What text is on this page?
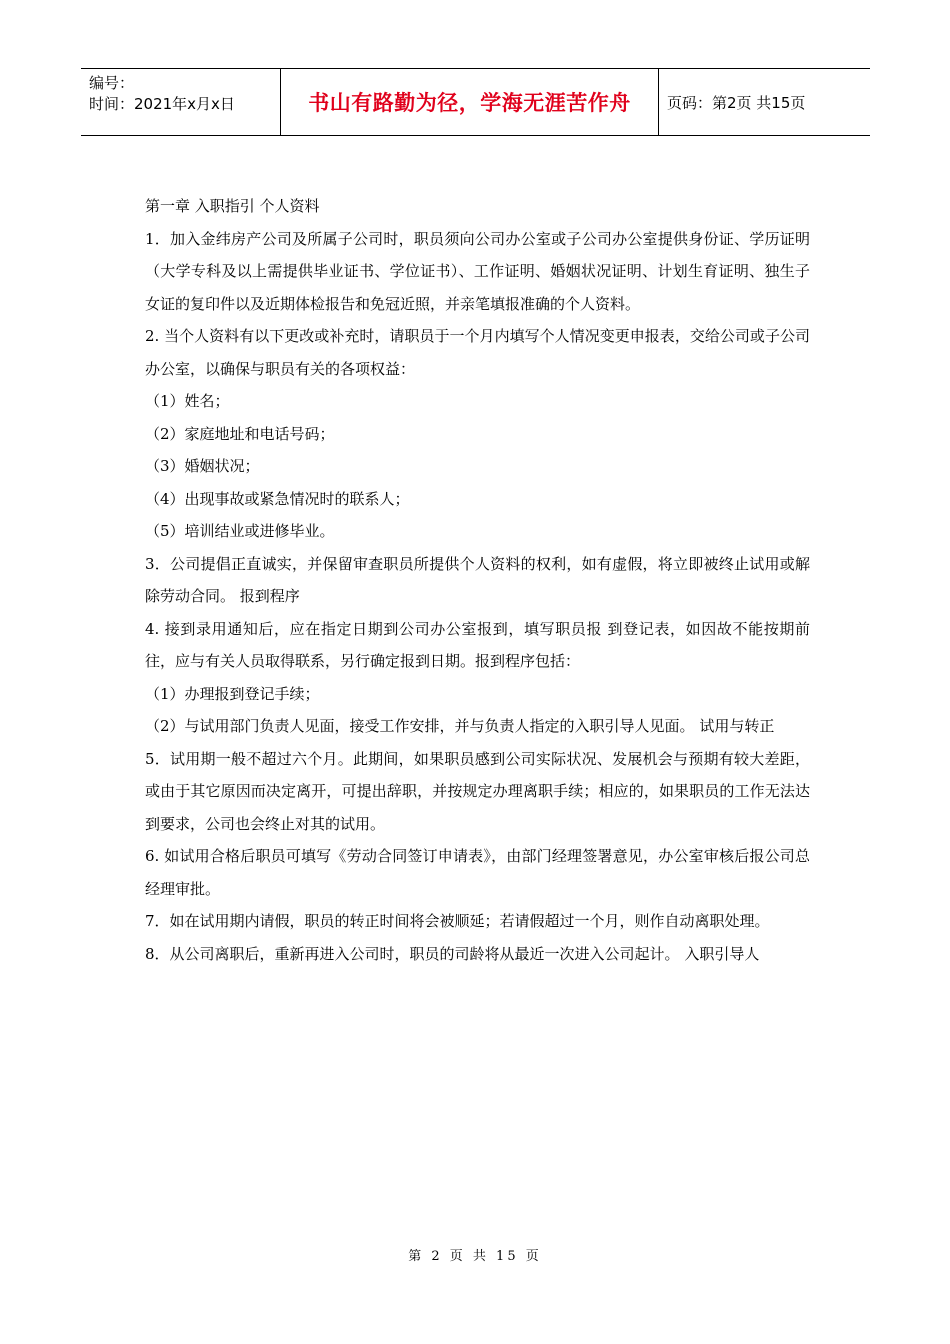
编号：
时间：2021年x月x日	书山有路勤为径，学海无涯苦作舟	页码：第2页 共15页

第一章 入职指引 个人资料

1．加入金纬房产公司及所属子公司时，职员须向公司办公室或子公司办公室提供身份证、学历证明（大学专科及以上需提供毕业证书、学位证书）、工作证明、婚姻状况证明、计划生育证明、独生子女证的复印件以及近期体检报告和免冠近照，并亲笔填报准确的个人资料。

2. 当个人资料有以下更改或补充时，请职员于一个月内填写个人情况变更申报表，交给公司或子公司办公室，以确保与职员有关的各项权益：

（1）姓名；

（2）家庭地址和电话号码；

（3）婚姻状况；

（4）出现事故或紧急情况时的联系人；

（5）培训结业或进修毕业。

3．公司提倡正直诚实，并保留审查职员所提供个人资料的权利，如有虚假，将立即被终止试用或解除劳动合同。 报到程序

4. 接到录用通知后，应在指定日期到公司办公室报到，填写职员报 到登记表，如因故不能按期前往，应与有关人员取得联系，另行确定报到日期。报到程序包括：

（1）办理报到登记手续；

（2）与试用部门负责人见面，接受工作安排，并与负责人指定的入职引导人见面。 试用与转正

5．试用期一般不超过六个月。此期间，如果职员感到公司实际状况、发展机会与预期有较大差距，或由于其它原因而决定离开，可提出辞职，并按规定办理离职手续；相应的，如果职员的工作无法达到要求，公司也会终止对其的试用。

6. 如试用合格后职员可填写《劳动合同签订申请表》，由部门经理签署意见，办公室审核后报公司总经理审批。

7．如在试用期内请假，职员的转正时间将会被顺延；若请假超过一个月，则作自动离职处理。

8．从公司离职后，重新再进入公司时，职员的司龄将从最近一次进入公司起计。 入职引导人

第 2 页 共 15 页
